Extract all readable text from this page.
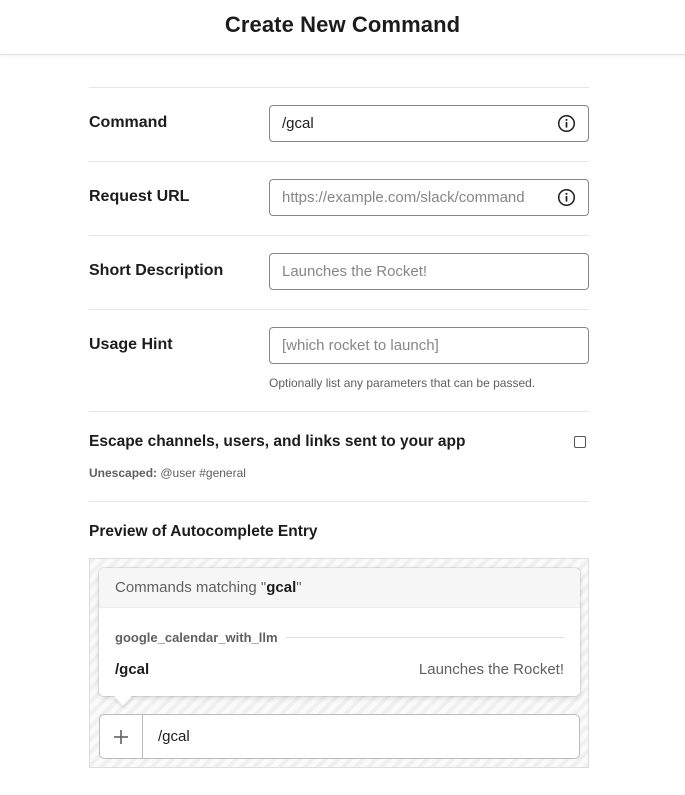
Create New Command
Command	/gcal
Request URL	https://example.com/slack/command
Short Description	Launches the Rocket!
Usage Hint	[which rocket to launch]
Optionally list any parameters that can be passed.
Escape channels, users, and links sent to your app
Unescaped: @user #general
Preview of Autocomplete Entry
Commands matching " gcal "
google_calendar_with_llm
/gcal	Launches the Rocket!
/gcal
